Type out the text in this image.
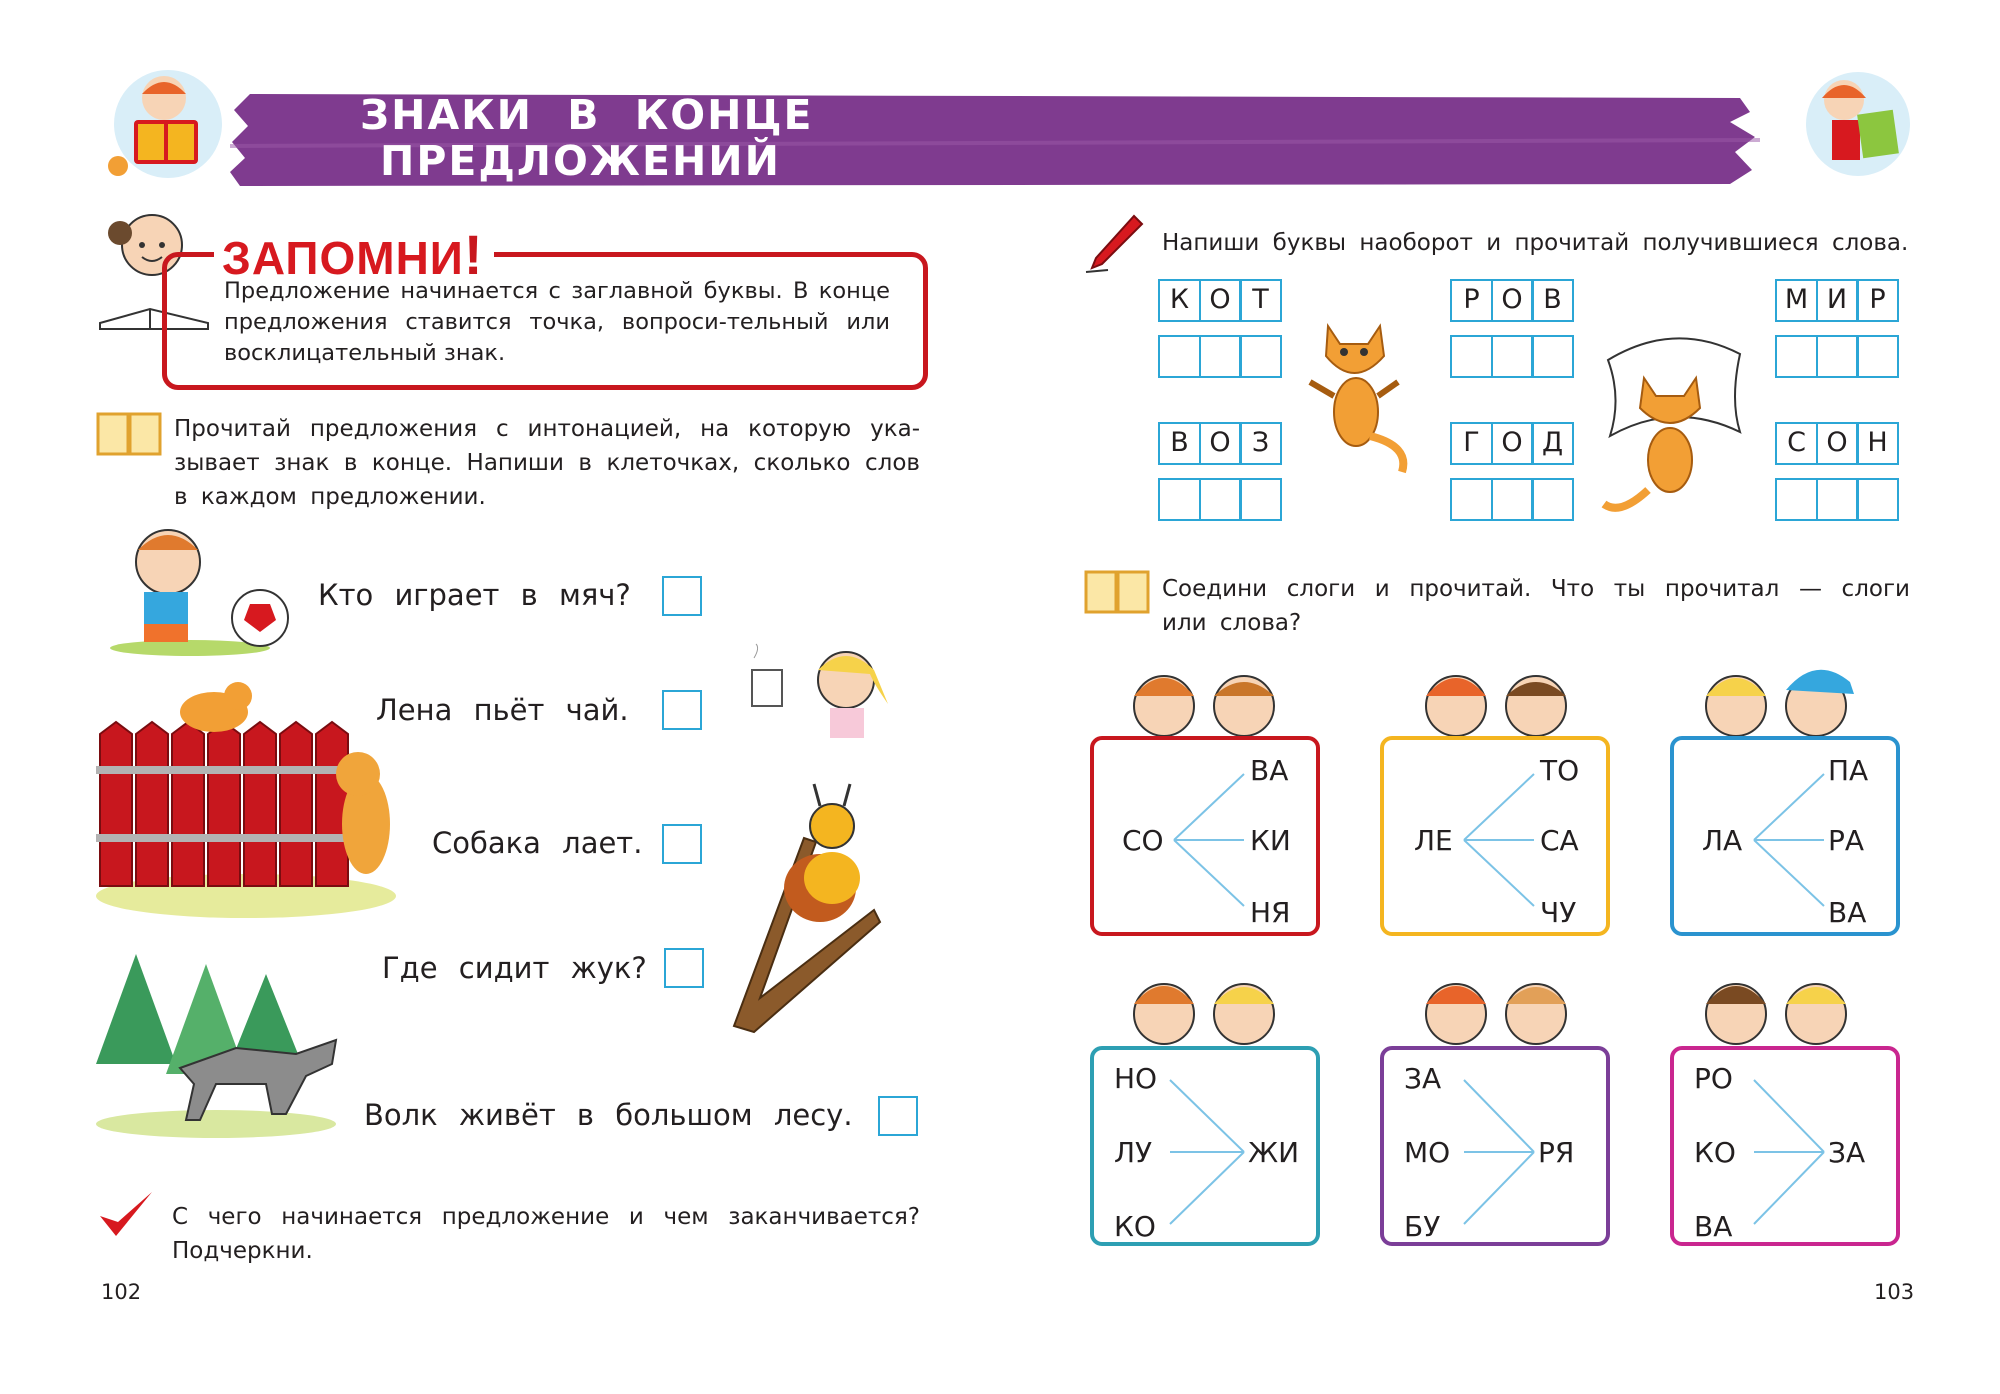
ЗНАКИ В КОНЦЕ
ПРЕДЛОЖЕНИЙ
ЗАПОМНИ!
Предложение начинается с заглавной буквы. В конце предложения ставится точка, вопроси-тельный или восклицательный знак.
Прочитай предложения с интонацией, на которую ука-зывает знак в конце. Напиши в клеточках, сколько слов в каждом предложении.
Кто играет в мяч?
Лена пьёт чай.
Собака лает.
Где сидит жук?
Волк живёт в большом лесу.
С чего начинается предложение и чем заканчивается? Подчеркни.
102	103
Напиши буквы наоборот и прочитай получившиеся слова.
К О Т	Р О В	М И Р
В О З	Г О Д	С О Н
Соедини слоги и прочитай. Что ты прочитал — слоги или слова?
СО
ВА
КИ
НЯ
ЛЕ
ТО
СА
ЧУ
ЛА
ПА
РА
ВА
НО
ЛУ
КО
ЖИ
ЗА
МО
БУ
РЯ
РО
КО
ВА
ЗА
